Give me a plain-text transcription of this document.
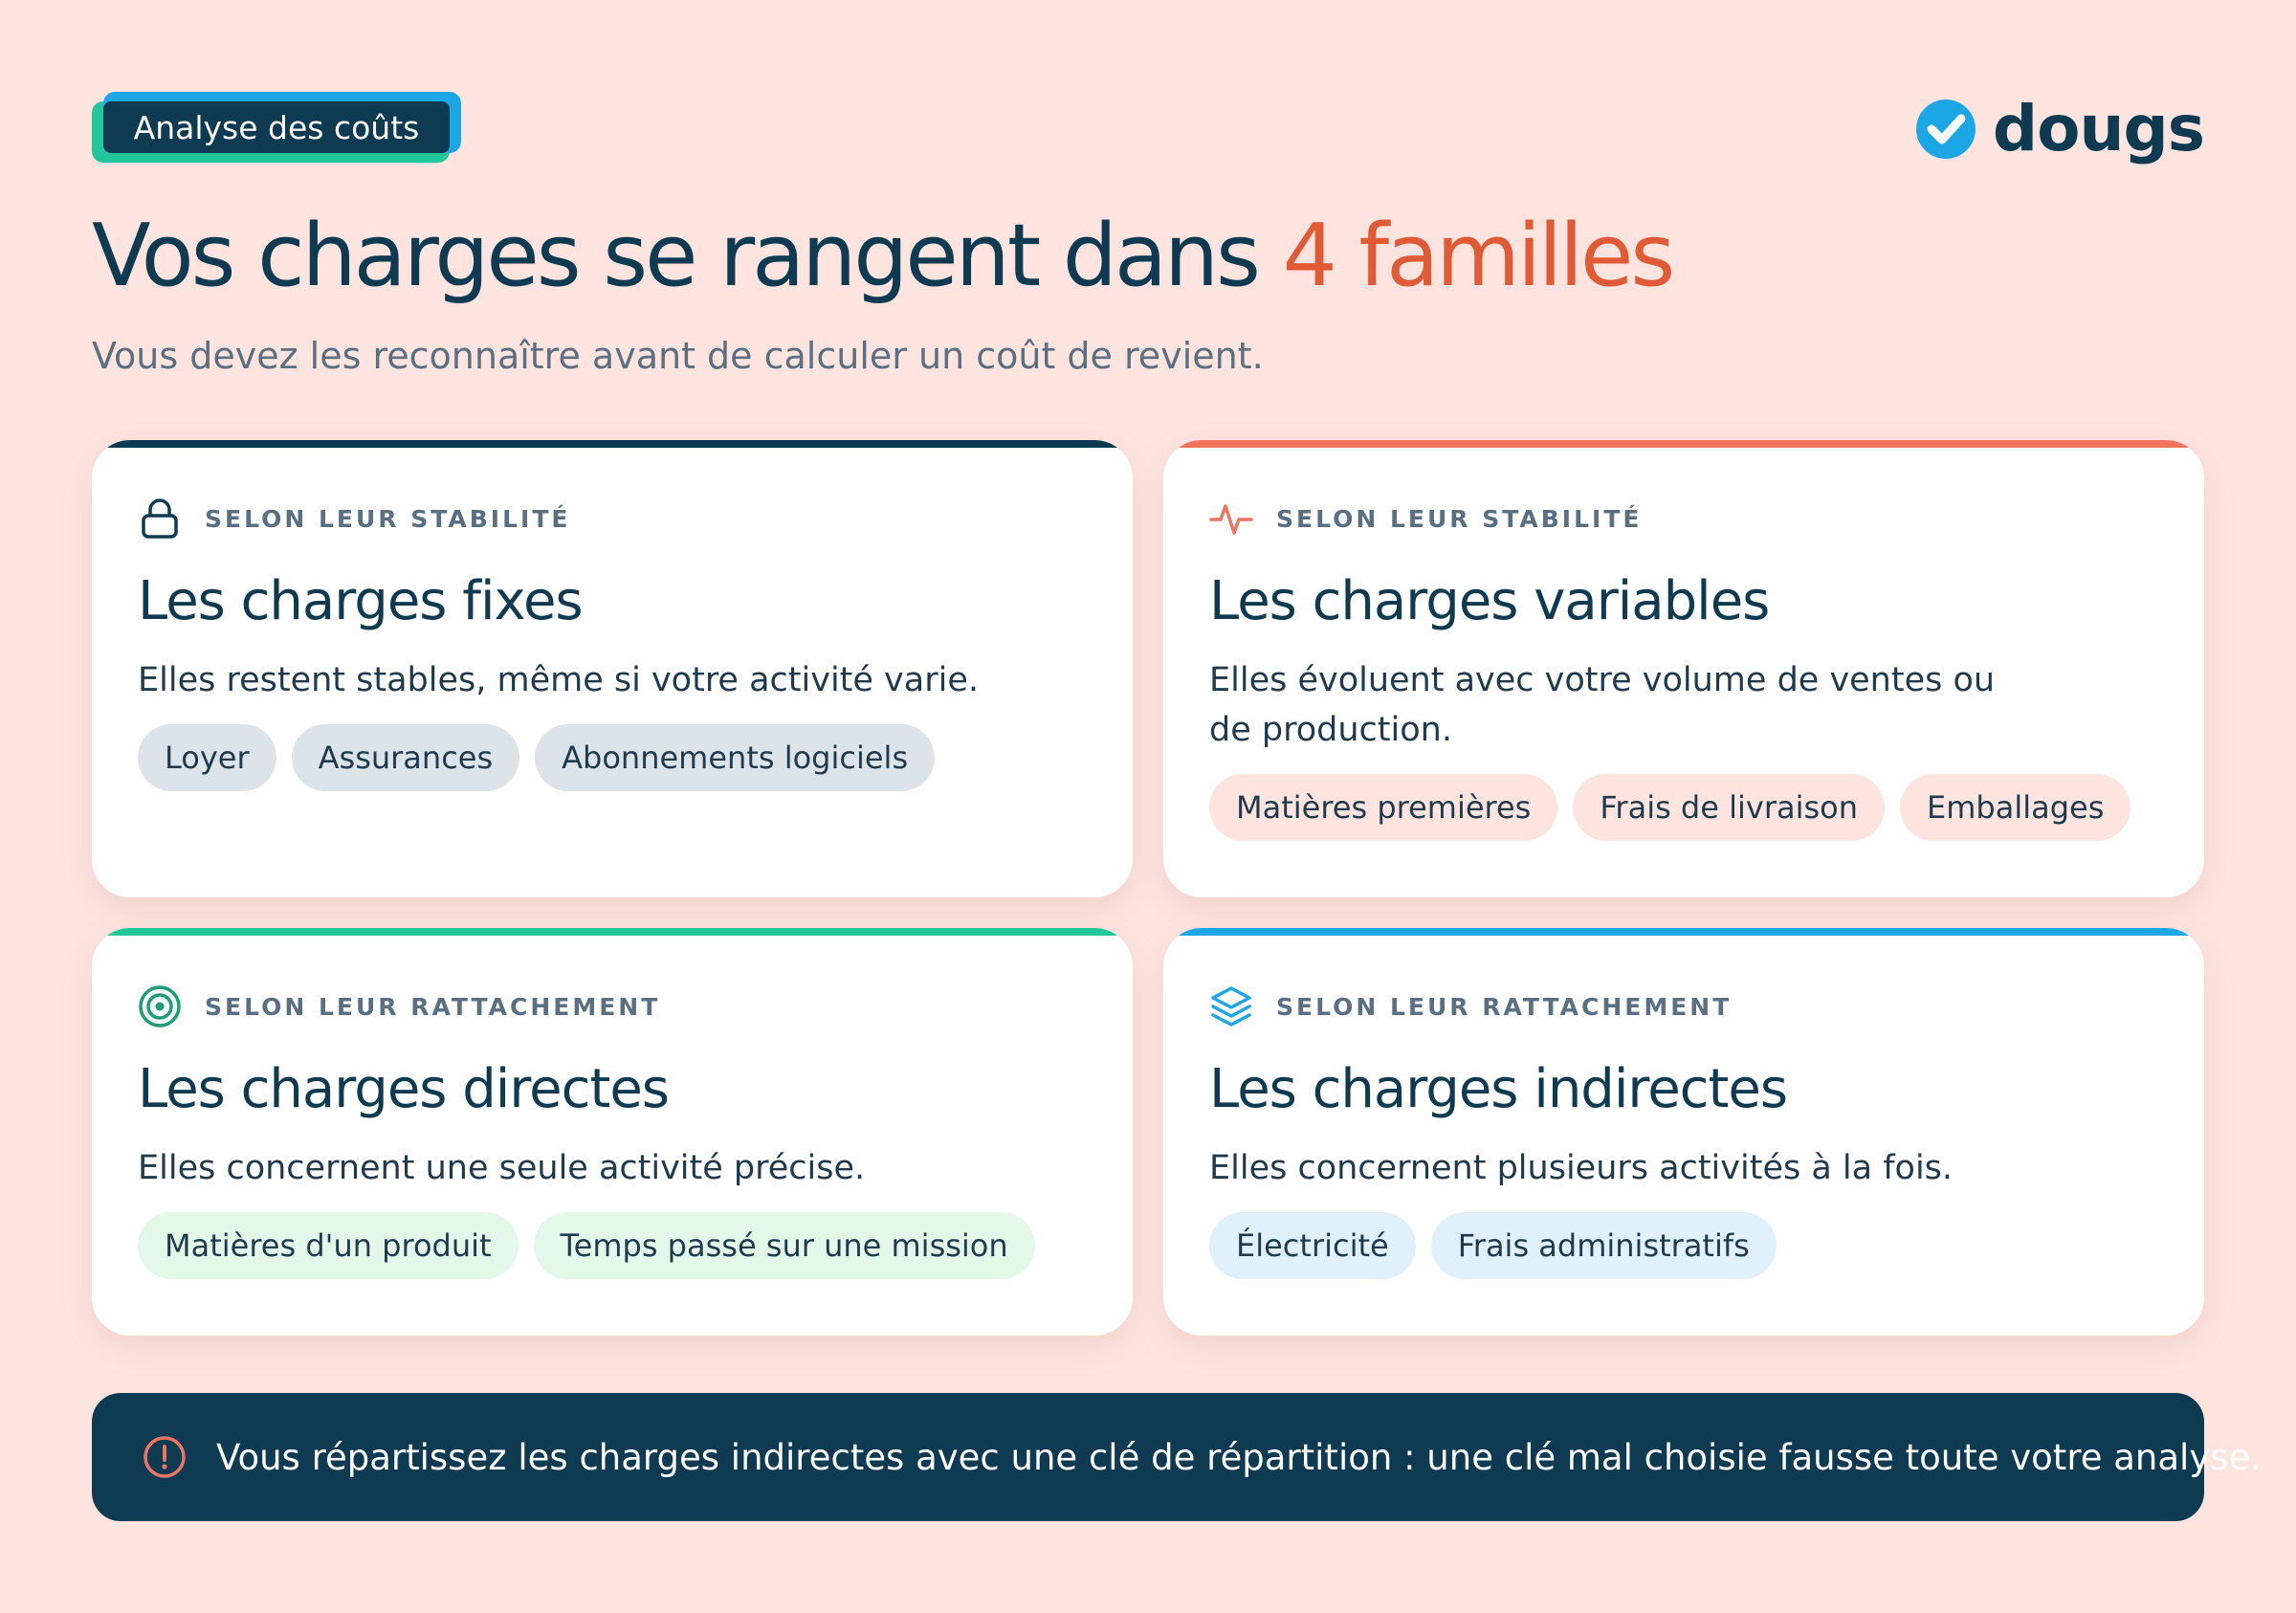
Analyse des coûts	dougs
Vos charges se rangent dans 4 familles

Vous devez les reconnaître avant de calculer un coût de revient.

SELON LEUR STABILITÉ
Les charges fixes
Elles restent stables, même si votre activité varie.
Loyer	Assurances	Abonnements logiciels
SELON LEUR STABILITÉ
Les charges variables
Elles évoluent avec votre volume de ventes ou
de production.
Matières premières	Frais de livraison	Emballages
SELON LEUR RATTACHEMENT
Les charges directes
Elles concernent une seule activité précise.
Matières d'un produit	Temps passé sur une mission
SELON LEUR RATTACHEMENT
Les charges indirectes
Elles concernent plusieurs activités à la fois.
Électricité	Frais administratifs
Vous répartissez les charges indirectes avec une clé de répartition : une clé mal choisie fausse toute votre analyse.
